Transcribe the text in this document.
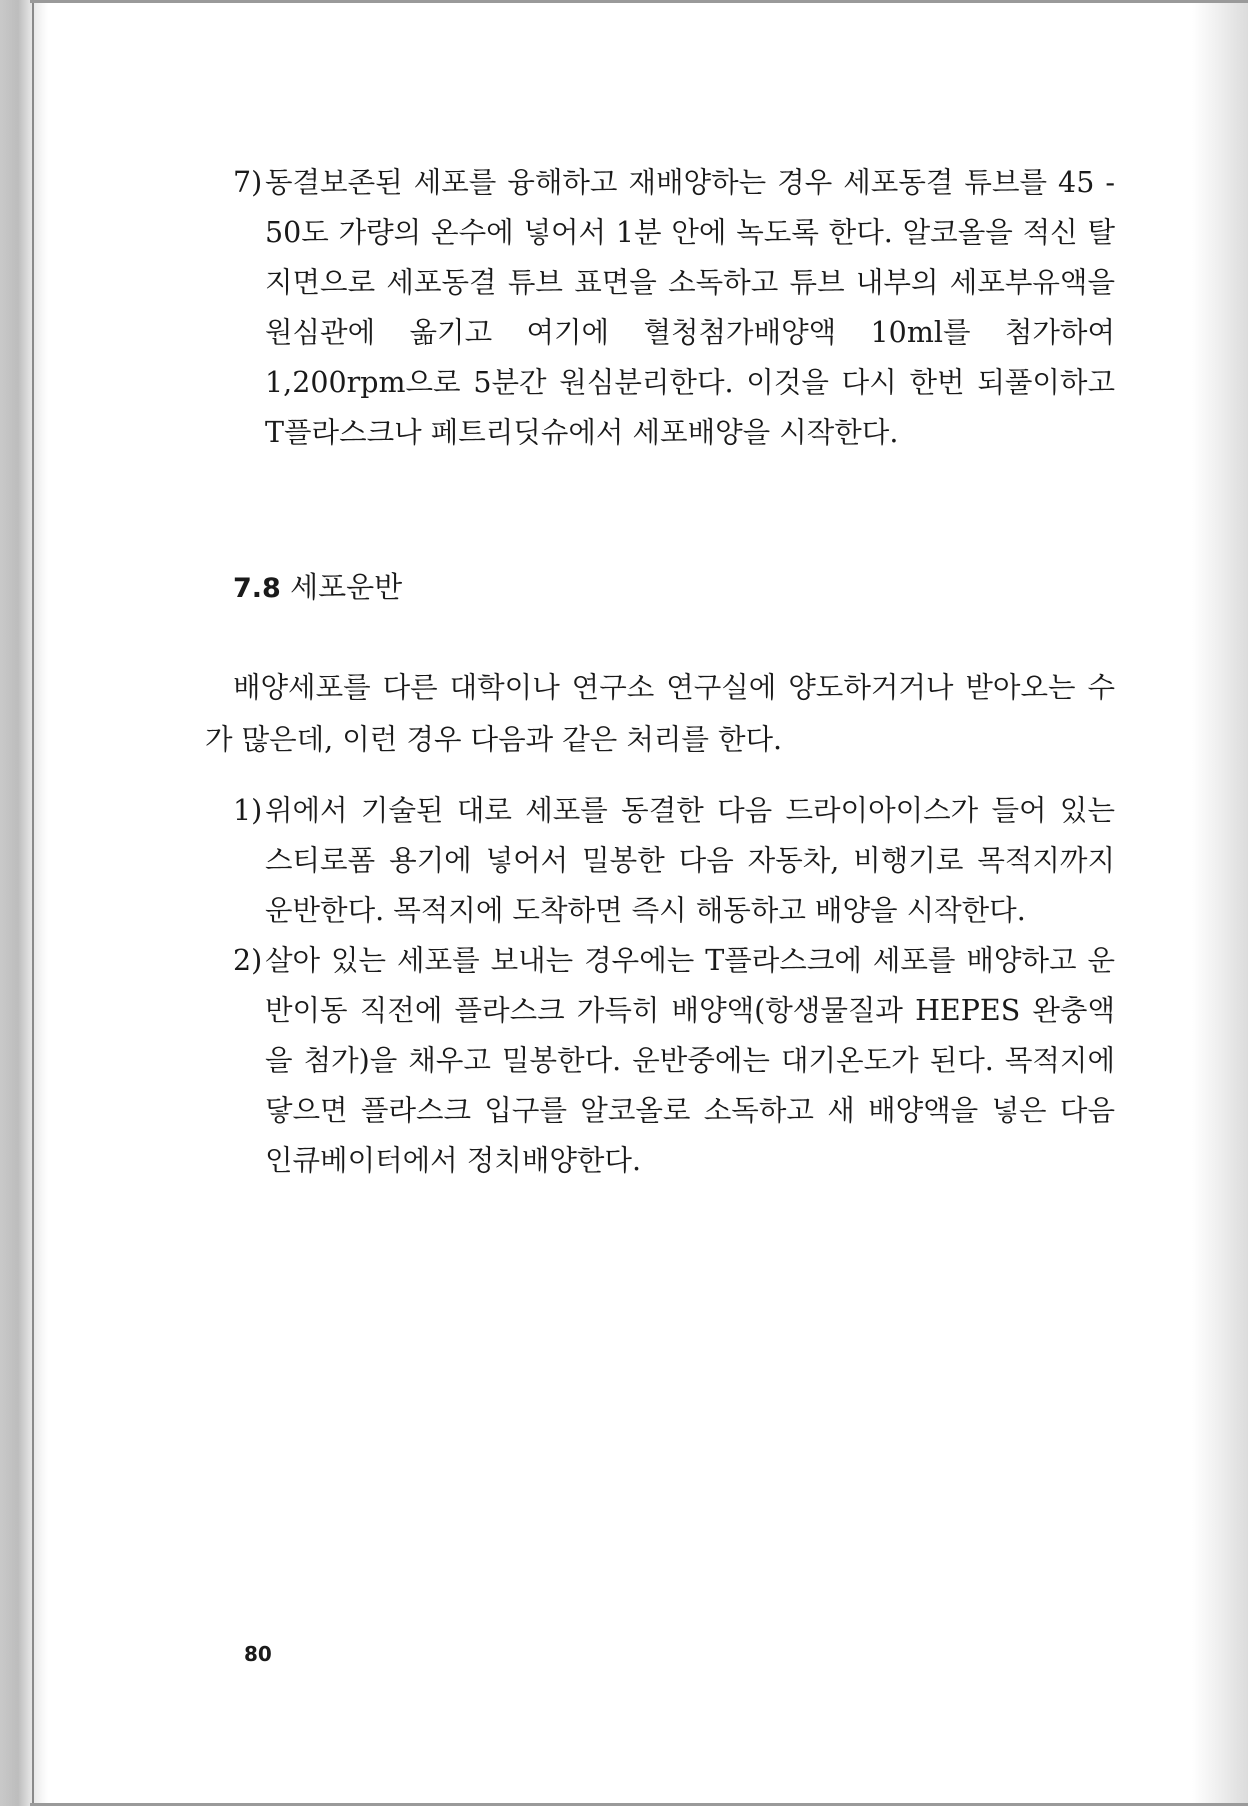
7) 동결보존된 세포를 융해하고 재배양하는 경우 세포동결 튜브를 45 - 50도 가량의 온수에 넣어서 1분 안에 녹도록 한다. 알코올을 적신 탈지면으로 세포동결 튜브 표면을 소독하고 튜브 내부의 세포부유액을 원심관에 옮기고 여기에 혈청첨가배양액 10ml를 첨가하여 1,200rpm으로 5분간 원심분리한다. 이것을 다시 한번 되풀이하고 T플라스크나 페트리딧슈에서 세포배양을 시작한다.
7.8 세포운반
배양세포를 다른 대학이나 연구소 연구실에 양도하거거나 받아오는 수가 많은데, 이런 경우 다음과 같은 처리를 한다.
1) 위에서 기술된 대로 세포를 동결한 다음 드라이아이스가 들어 있는 스티로폼 용기에 넣어서 밀봉한 다음 자동차, 비행기로 목적지까지 운반한다. 목적지에 도착하면 즉시 해동하고 배양을 시작한다.
2) 살아 있는 세포를 보내는 경우에는 T플라스크에 세포를 배양하고 운반이동 직전에 플라스크 가득히 배양액(항생물질과 HEPES 완충액을 첨가)을 채우고 밀봉한다. 운반중에는 대기온도가 된다. 목적지에 닿으면 플라스크 입구를 알코올로 소독하고 새 배양액을 넣은 다음 인큐베이터에서 정치배양한다.
80
